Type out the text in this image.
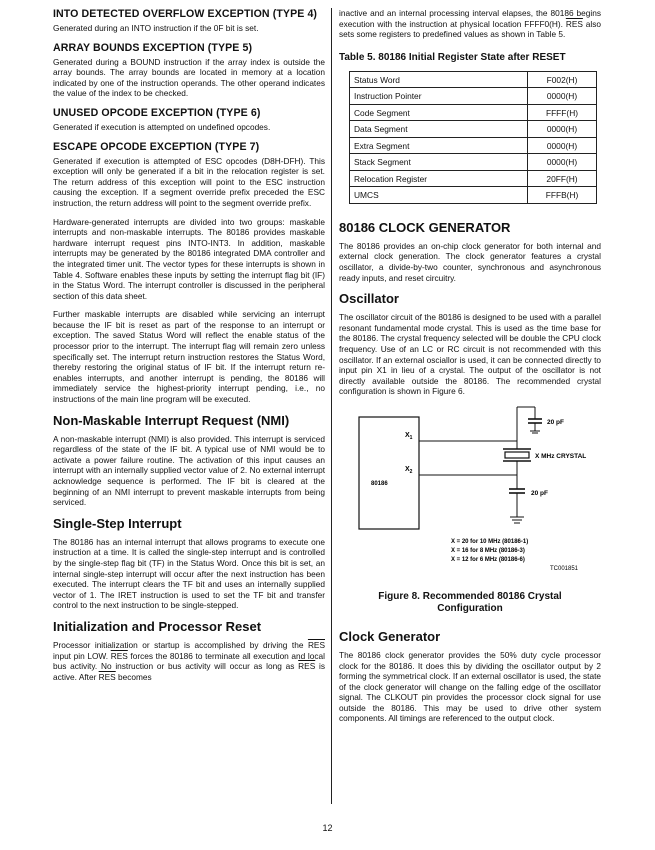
INTO DETECTED OVERFLOW EXCEPTION (TYPE 4)

Generated during an INTO instruction if the 0F bit is set.

ARRAY BOUNDS EXCEPTION (TYPE 5)

Generated during a BOUND instruction if the array index is outside the array bounds. The array bounds are located in memory at a location indicated by one of the instruction operands. The other operand indicates the value of the index to be checked.

UNUSED OPCODE EXCEPTION (TYPE 6)

Generated if execution is attempted on undefined opcodes.

ESCAPE OPCODE EXCEPTION (TYPE 7)

Generated if execution is attempted of ESC opcodes (D8H-DFH). This exception will only be generated if a bit in the relocation register is set. The return address of this exception will point to the ESC instruction causing the exception. If a segment override prefix preceded the ESC instruction, the return address will point to the segment override prefix.

Hardware-generated interrupts are divided into two groups: maskable interrupts and non-maskable interrupts. The 80186 provides maskable hardware interrupt request pins INTO-INT3. In addition, maskable interrupts may be generated by the 80186 integrated DMA controller and the integrated timer unit. The vector types for these interrupts is shown in Table 4. Software enables these inputs by setting the interrupt flag bit (IF) in the Status Word. The interrupt controller is discussed in the peripheral section of this data sheet.

Further maskable interrupts are disabled while servicing an interrupt because the IF bit is reset as part of the response to an interrupt or exception. The saved Status Word will reflect the enable status of the processor prior to the interrupt. The interrupt flag will remain zero unless specifically set. The interrupt return instruction restores the Status Word, thereby restoring the original status of IF bit. If the interrupt return re-enables interrupts, and another interrupt is pending, the 80186 will immediately service the highest-priority interrupt pending, i.e., no instructions of the main line program will be executed.

Non-Maskable Interrupt Request (NMI)

A non-maskable interrupt (NMI) is also provided. This interrupt is serviced regardless of the state of the IF bit. A typical use of NMI would be to activate a power failure routine. The activation of this input causes an interrupt with an internally supplied vector value of 2. No external interrupt acknowledge sequence is performed. The IF bit is cleared at the beginning of an NMI interrupt to prevent maskable interrupts from being serviced.

Single-Step Interrupt

The 80186 has an internal interrupt that allows programs to execute one instruction at a time. It is called the single-step interrupt and is controlled by the single-step flag bit (TF) in the Status Word. Once this bit is set, an internal single-step interrupt will occur after the next instruction has been executed. The interrupt clears the TF bit and uses an internally supplied vector of 1. The IRET instruction is used to set the TF bit and transfer control to the next instruction to be single-stepped.

Initialization and Processor Reset

Processor initialization or startup is accomplished by driving the $\overline{RES}$ input pin LOW. $\overline{RES}$ forces the 80186 to terminate all execution and local bus activity. No instruction or bus activity will occur as long as $\overline{RES}$ is active. After $\overline{RES}$ becomes

inactive and an internal processing interval elapses, the 80186 begins execution with the instruction at physical location FFFF0(H). $\overline{RES}$ also sets some registers to predefined values as shown in Table 5.

Table 5. 80186 Initial Register State after RESET
Status Word	F002(H)
Instruction Pointer	0000(H)
Code Segment	FFFF(H)
Data Segment	0000(H)
Extra Segment	0000(H)
Stack Segment	0000(H)
Relocation Register	20FF(H)
UMCS	FFFB(H)
80186 CLOCK GENERATOR

The 80186 provides an on-chip clock generator for both internal and external clock generation. The clock generator features a crystal oscillator, a divide-by-two counter, synchronous and asynchronous ready inputs, and reset circuitry.

Oscillator

The oscillator circuit of the 80186 is designed to be used with a parallel resonant fundamental mode crystal. This is used as the time base for the 80186. The crystal frequency selected will be double the CPU clock frequency. Use of an LC or RC circuit is not recommended with this oscillator. If an external osciallor is used, it can be connected directly to input pin X1 in lieu of a crystal. The output of the oscillator is not directly available outside the 80186. The recommended crystal configuration is shown in Figure 6.

80186
$X_1$
$X_2$
20 pF
X MHz CRYSTAL
20 pF
X = 20 for 10 MHz (80186-1)
X = 16 for 8 MHz (80186-3)
X = 12 for 6 MHz (80186-6)
TC001851
Figure 8. Recommended 80186 Crystal
Configuration
Clock Generator

The 80186 clock generator provides the 50% duty cycle processor clock for the 80186. It does this by dividing the oscillator output by 2 forming the symmetrical clock. If an external oscillator is used, the state of the clock generator will change on the falling edge of the oscillator signal. The CLKOUT pin provides the processor clock signal for use outside the 80186. This may be used to drive other system components. All timings are referenced to the output clock.

12
